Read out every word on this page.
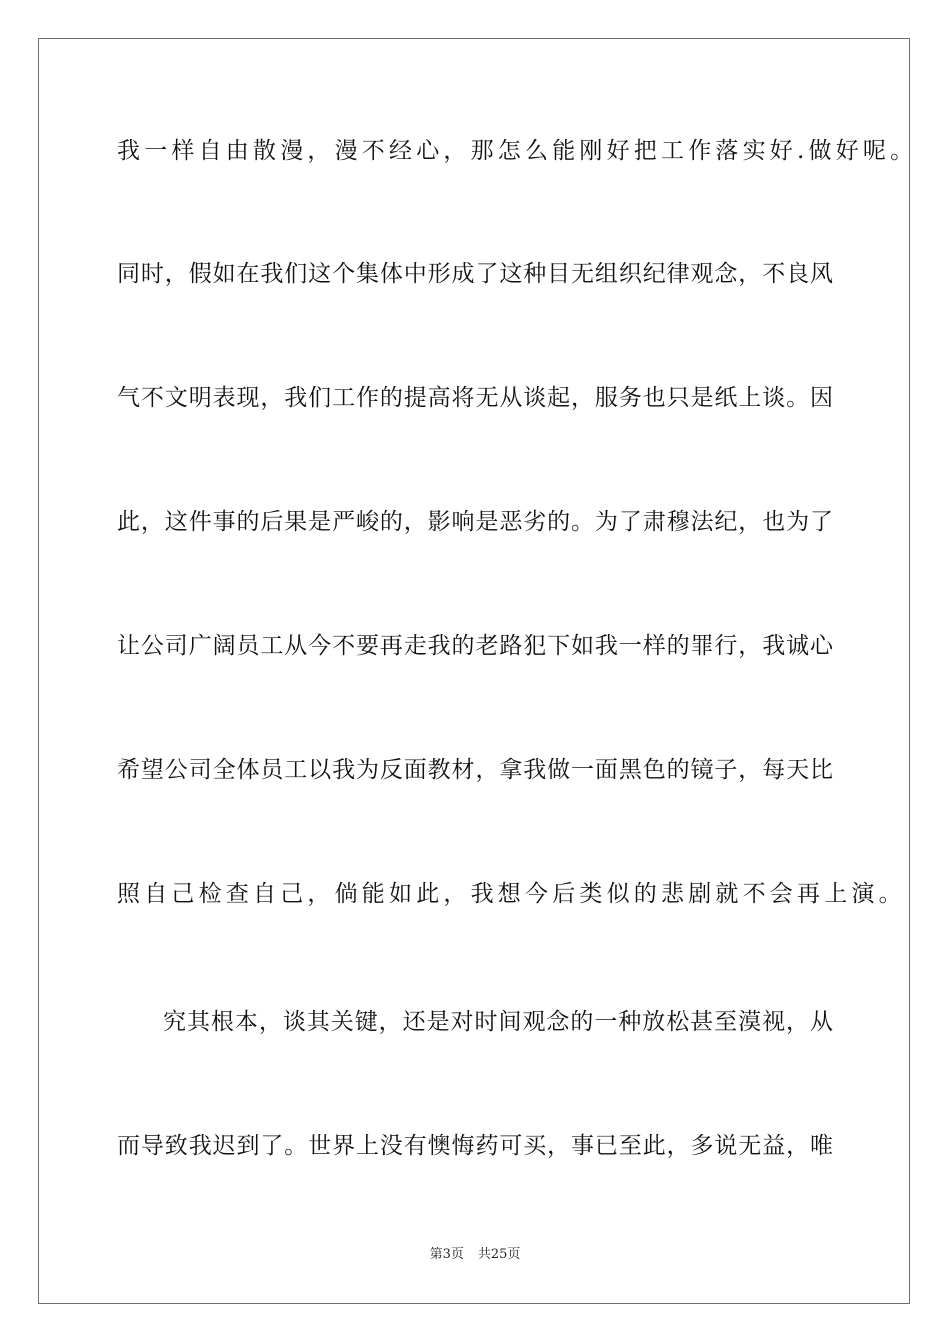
我一样自由散漫，漫不经心，那怎么能刚好把工作落实好.做好呢。
同时，假如在我们这个集体中形成了这种目无组织纪律观念，不良风
气不文明表现，我们工作的提高将无从谈起，服务也只是纸上谈。因
此，这件事的后果是严峻的，影响是恶劣的。为了肃穆法纪，也为了
让公司广阔员工从今不要再走我的老路犯下如我一样的罪行，我诚心
希望公司全体员工以我为反面教材，拿我做一面黑色的镜子，每天比
照自己检查自己，倘能如此，我想今后类似的悲剧就不会再上演。
究其根本，谈其关键，还是对时间观念的一种放松甚至漠视，从
而导致我迟到了。世界上没有懊悔药可买，事已至此，多说无益，唯
第3页 共25页
